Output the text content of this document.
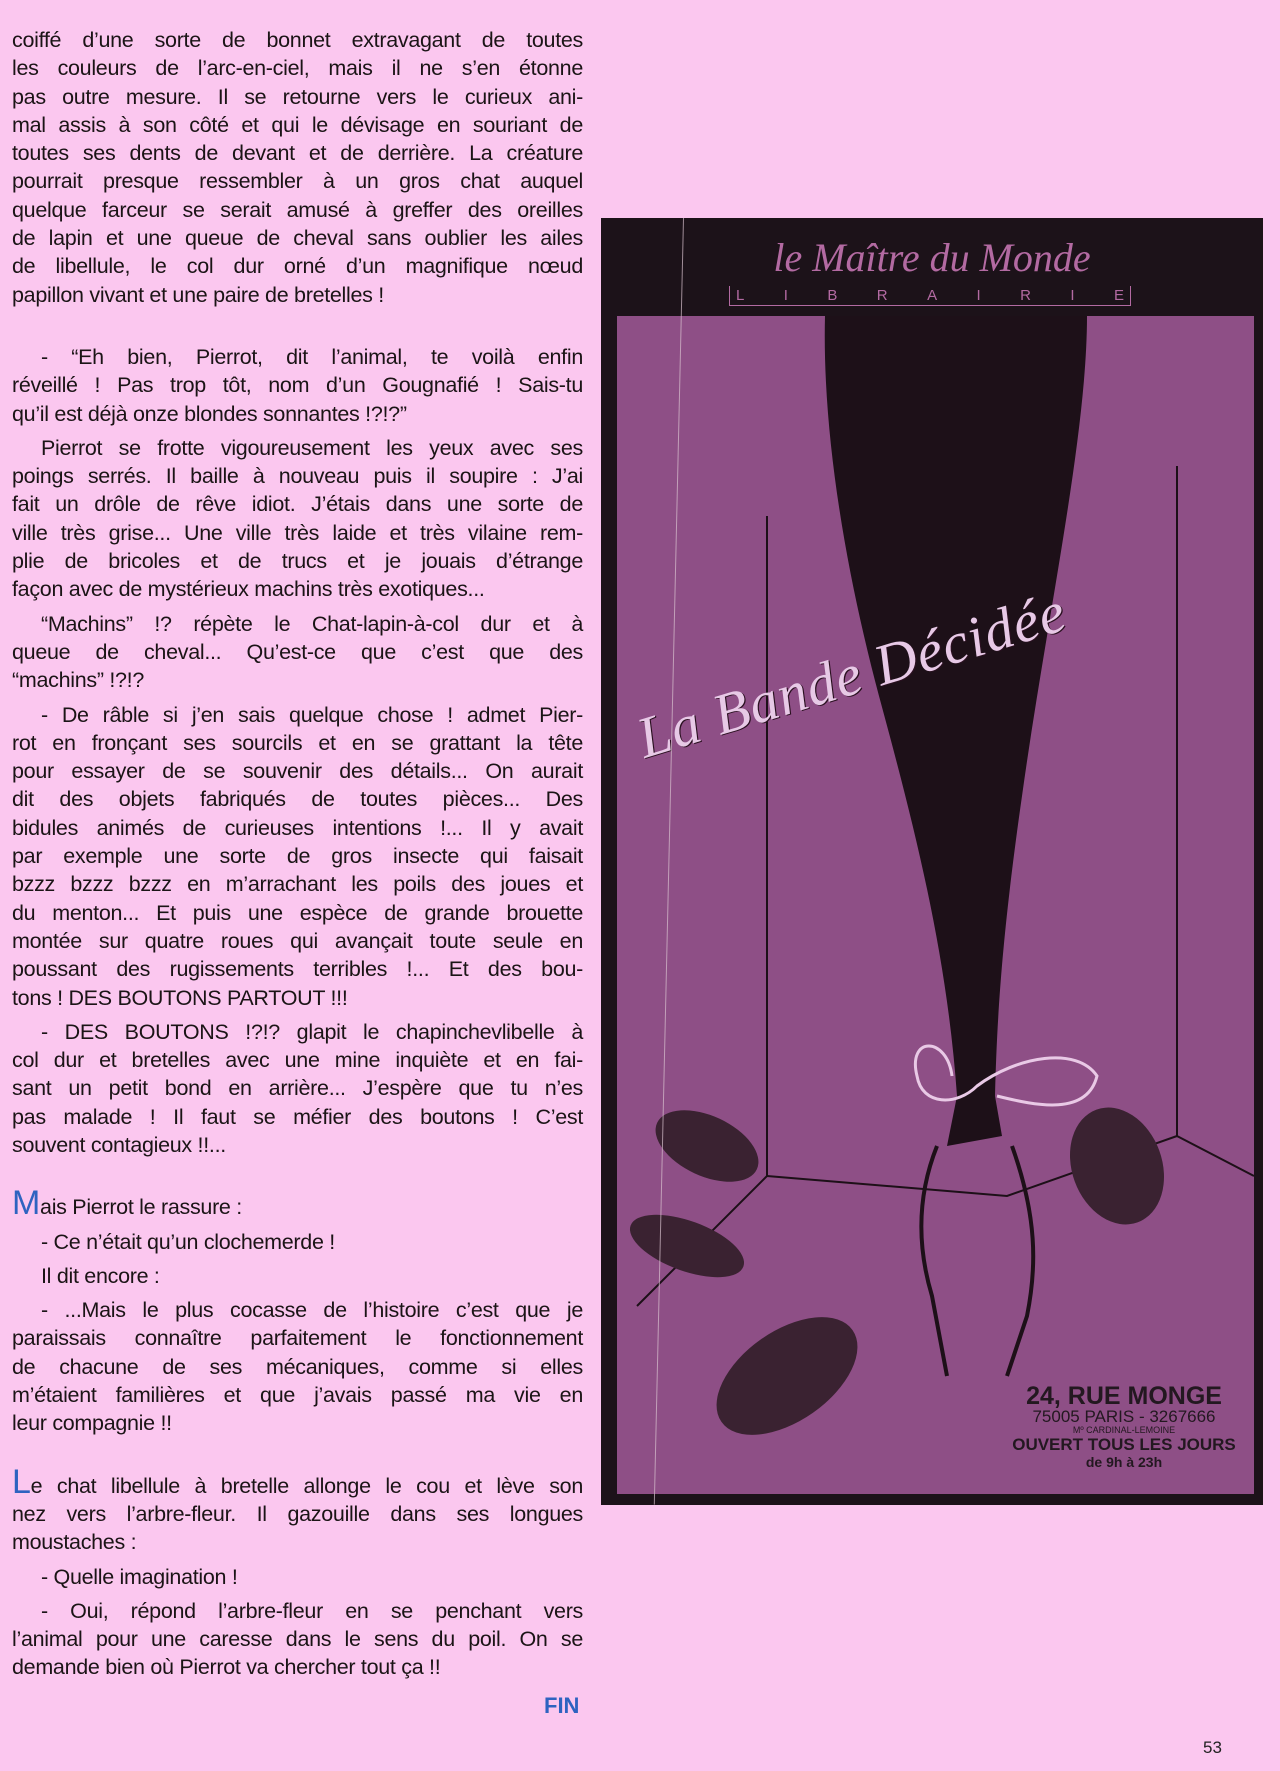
coiffé d’une sorte de bonnet extravagant de toutes
les couleurs de l’arc-en-ciel, mais il ne s’en étonne
pas outre mesure. Il se retourne vers le curieux ani-
mal assis à son côté et qui le dévisage en souriant de
toutes ses dents de devant et de derrière. La créature
pourrait presque ressembler à un gros chat auquel
quelque farceur se serait amusé à greffer des oreilles
de lapin et une queue de cheval sans oublier les ailes
de libellule, le col dur orné d’un magnifique nœud
papillon vivant et une paire de bretelles !
- “Eh bien, Pierrot, dit l’animal, te voilà enfin
réveillé ! Pas trop tôt, nom d’un Gougnafié ! Sais-tu
qu’il est déjà onze blondes sonnantes !?!?”
Pierrot se frotte vigoureusement les yeux avec ses
poings serrés. Il baille à nouveau puis il soupire : J’ai
fait un drôle de rêve idiot. J’étais dans une sorte de
ville très grise... Une ville très laide et très vilaine rem-
plie de bricoles et de trucs et je jouais d’étrange
façon avec de mystérieux machins très exotiques...
“Machins” !? répète le Chat-lapin-à-col dur et à
queue de cheval... Qu’est-ce que c’est que des
“machins” !?!?
- De râble si j’en sais quelque chose ! admet Pier-
rot en fronçant ses sourcils et en se grattant la tête
pour essayer de se souvenir des détails... On aurait
dit des objets fabriqués de toutes pièces... Des
bidules animés de curieuses intentions !... Il y avait
par exemple une sorte de gros insecte qui faisait
bzzz bzzz bzzz en m’arrachant les poils des joues et
du menton... Et puis une espèce de grande brouette
montée sur quatre roues qui avançait toute seule en
poussant des rugissements terribles !... Et des bou-
tons ! DES BOUTONS PARTOUT !!!
- DES BOUTONS !?!? glapit le chapinchevlibelle à
col dur et bretelles avec une mine inquiète et en fai-
sant un petit bond en arrière... J’espère que tu n’es
pas malade ! Il faut se méfier des boutons ! C’est
souvent contagieux !!...
Mais Pierrot le rassure :
- Ce n’était qu’un clochemerde !
Il dit encore :
- ...Mais le plus cocasse de l’histoire c’est que je
paraissais connaître parfaitement le fonctionnement
de chacune de ses mécaniques, comme si elles
m’étaient familières et que j’avais passé ma vie en
leur compagnie !!
Le chat libellule à bretelle allonge le cou et lève son
nez vers l’arbre-fleur. Il gazouille dans ses longues
moustaches :
- Quelle imagination !
- Oui, répond l’arbre-fleur en se penchant vers
l’animal pour une caresse dans le sens du poil. On se
demande bien où Pierrot va chercher tout ça !!
FIN
53
le Maître du Monde
L	I	B	R	A	I	R	I	E
La Bande Décidée
24, RUE MONGE
75005 PARIS - 3267666
Mº CARDINAL-LEMOINE
OUVERT TOUS LES JOURS
de 9h à 23h
